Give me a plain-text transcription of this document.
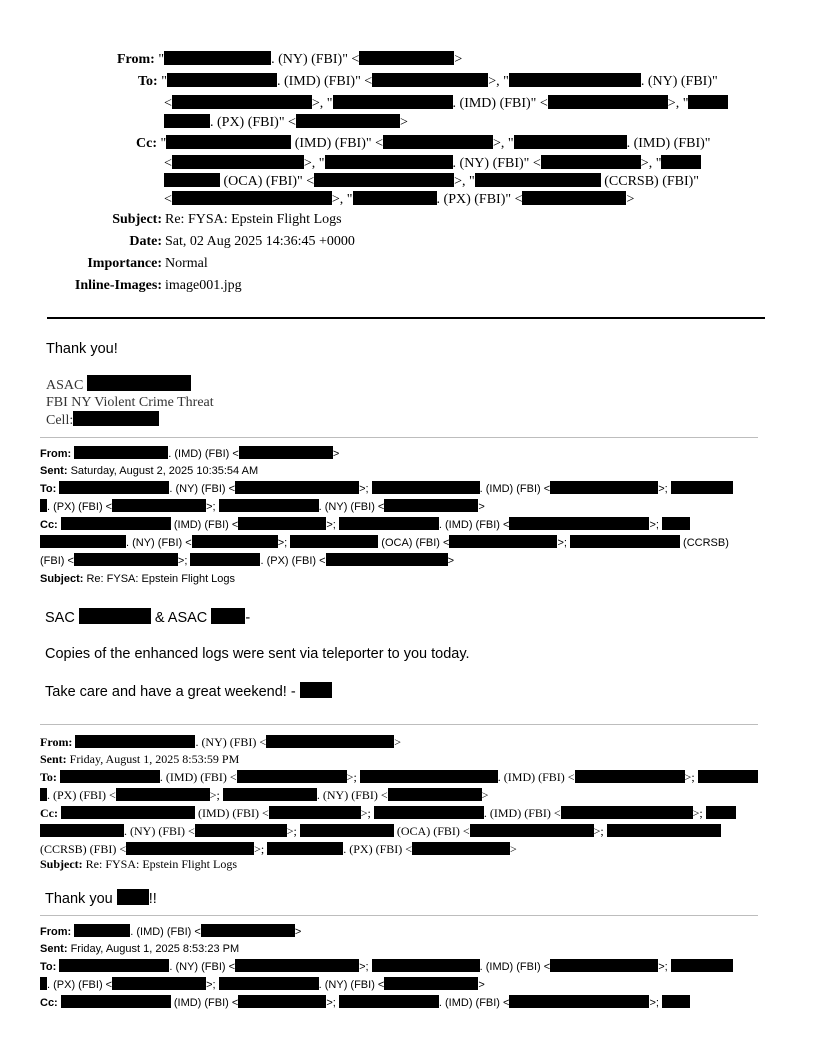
From: "	. (NY) (FBI)" <	>
To: "	. (IMD) (FBI)" <	>, "	. (NY) (FBI)"
<	>, "	. (IMD) (FBI)" <	>, "
. (PX) (FBI)" <	>
Cc: "	(IMD) (FBI)" <	>, "	. (IMD) (FBI)"
<	>, "	. (NY) (FBI)" <	>, "
(OCA) (FBI)" <	>, "	(CCRSB) (FBI)"
<	>, "	. (PX) (FBI)" <	>
Subject: Re: FYSA: Epstein Flight Logs
Date: Sat, 02 Aug 2025 14:36:45 +0000
Importance: Normal
Inline-Images: image001.jpg
Thank you!
ASAC
FBI NY Violent Crime Threat
Cell:
From:	. (IMD) (FBI) <	>
Sent: Saturday, August 2, 2025 10:35:54 AM
To:	. (NY) (FBI) <	>;	. (IMD) (FBI) <	>;
. (PX) (FBI) <	>;	. (NY) (FBI) <	>
Cc:	(IMD) (FBI) <	>;	. (IMD) (FBI) <	>;
. (NY) (FBI) <	>;	(OCA) (FBI) <	>;	(CCRSB)
(FBI) <	>;	. (PX) (FBI) <	>
Subject: Re: FYSA: Epstein Flight Logs
SAC	& ASAC	-
Copies of the enhanced logs were sent via teleporter to you today.
Take care and have a great weekend! -
From:	. (NY) (FBI) <	>
Sent: Friday, August 1, 2025 8:53:59 PM
To:	. (IMD) (FBI) <	>;	. (IMD) (FBI) <	>;
. (PX) (FBI) <	>;	. (NY) (FBI) <	>
Cc:	(IMD) (FBI) <	>;	. (IMD) (FBI) <	>;
. (NY) (FBI) <	>;	(OCA) (FBI) <	>;
(CCRSB) (FBI) <	>;	. (PX) (FBI) <	>
Subject: Re: FYSA: Epstein Flight Logs
Thank you !!
From:	. (IMD) (FBI) <	>
Sent: Friday, August 1, 2025 8:53:23 PM
To:	. (NY) (FBI) <	>;	. (IMD) (FBI) <	>;
. (PX) (FBI) <	>;	. (NY) (FBI) <	>
Cc:	(IMD) (FBI) <	>;	. (IMD) (FBI) <	>;
